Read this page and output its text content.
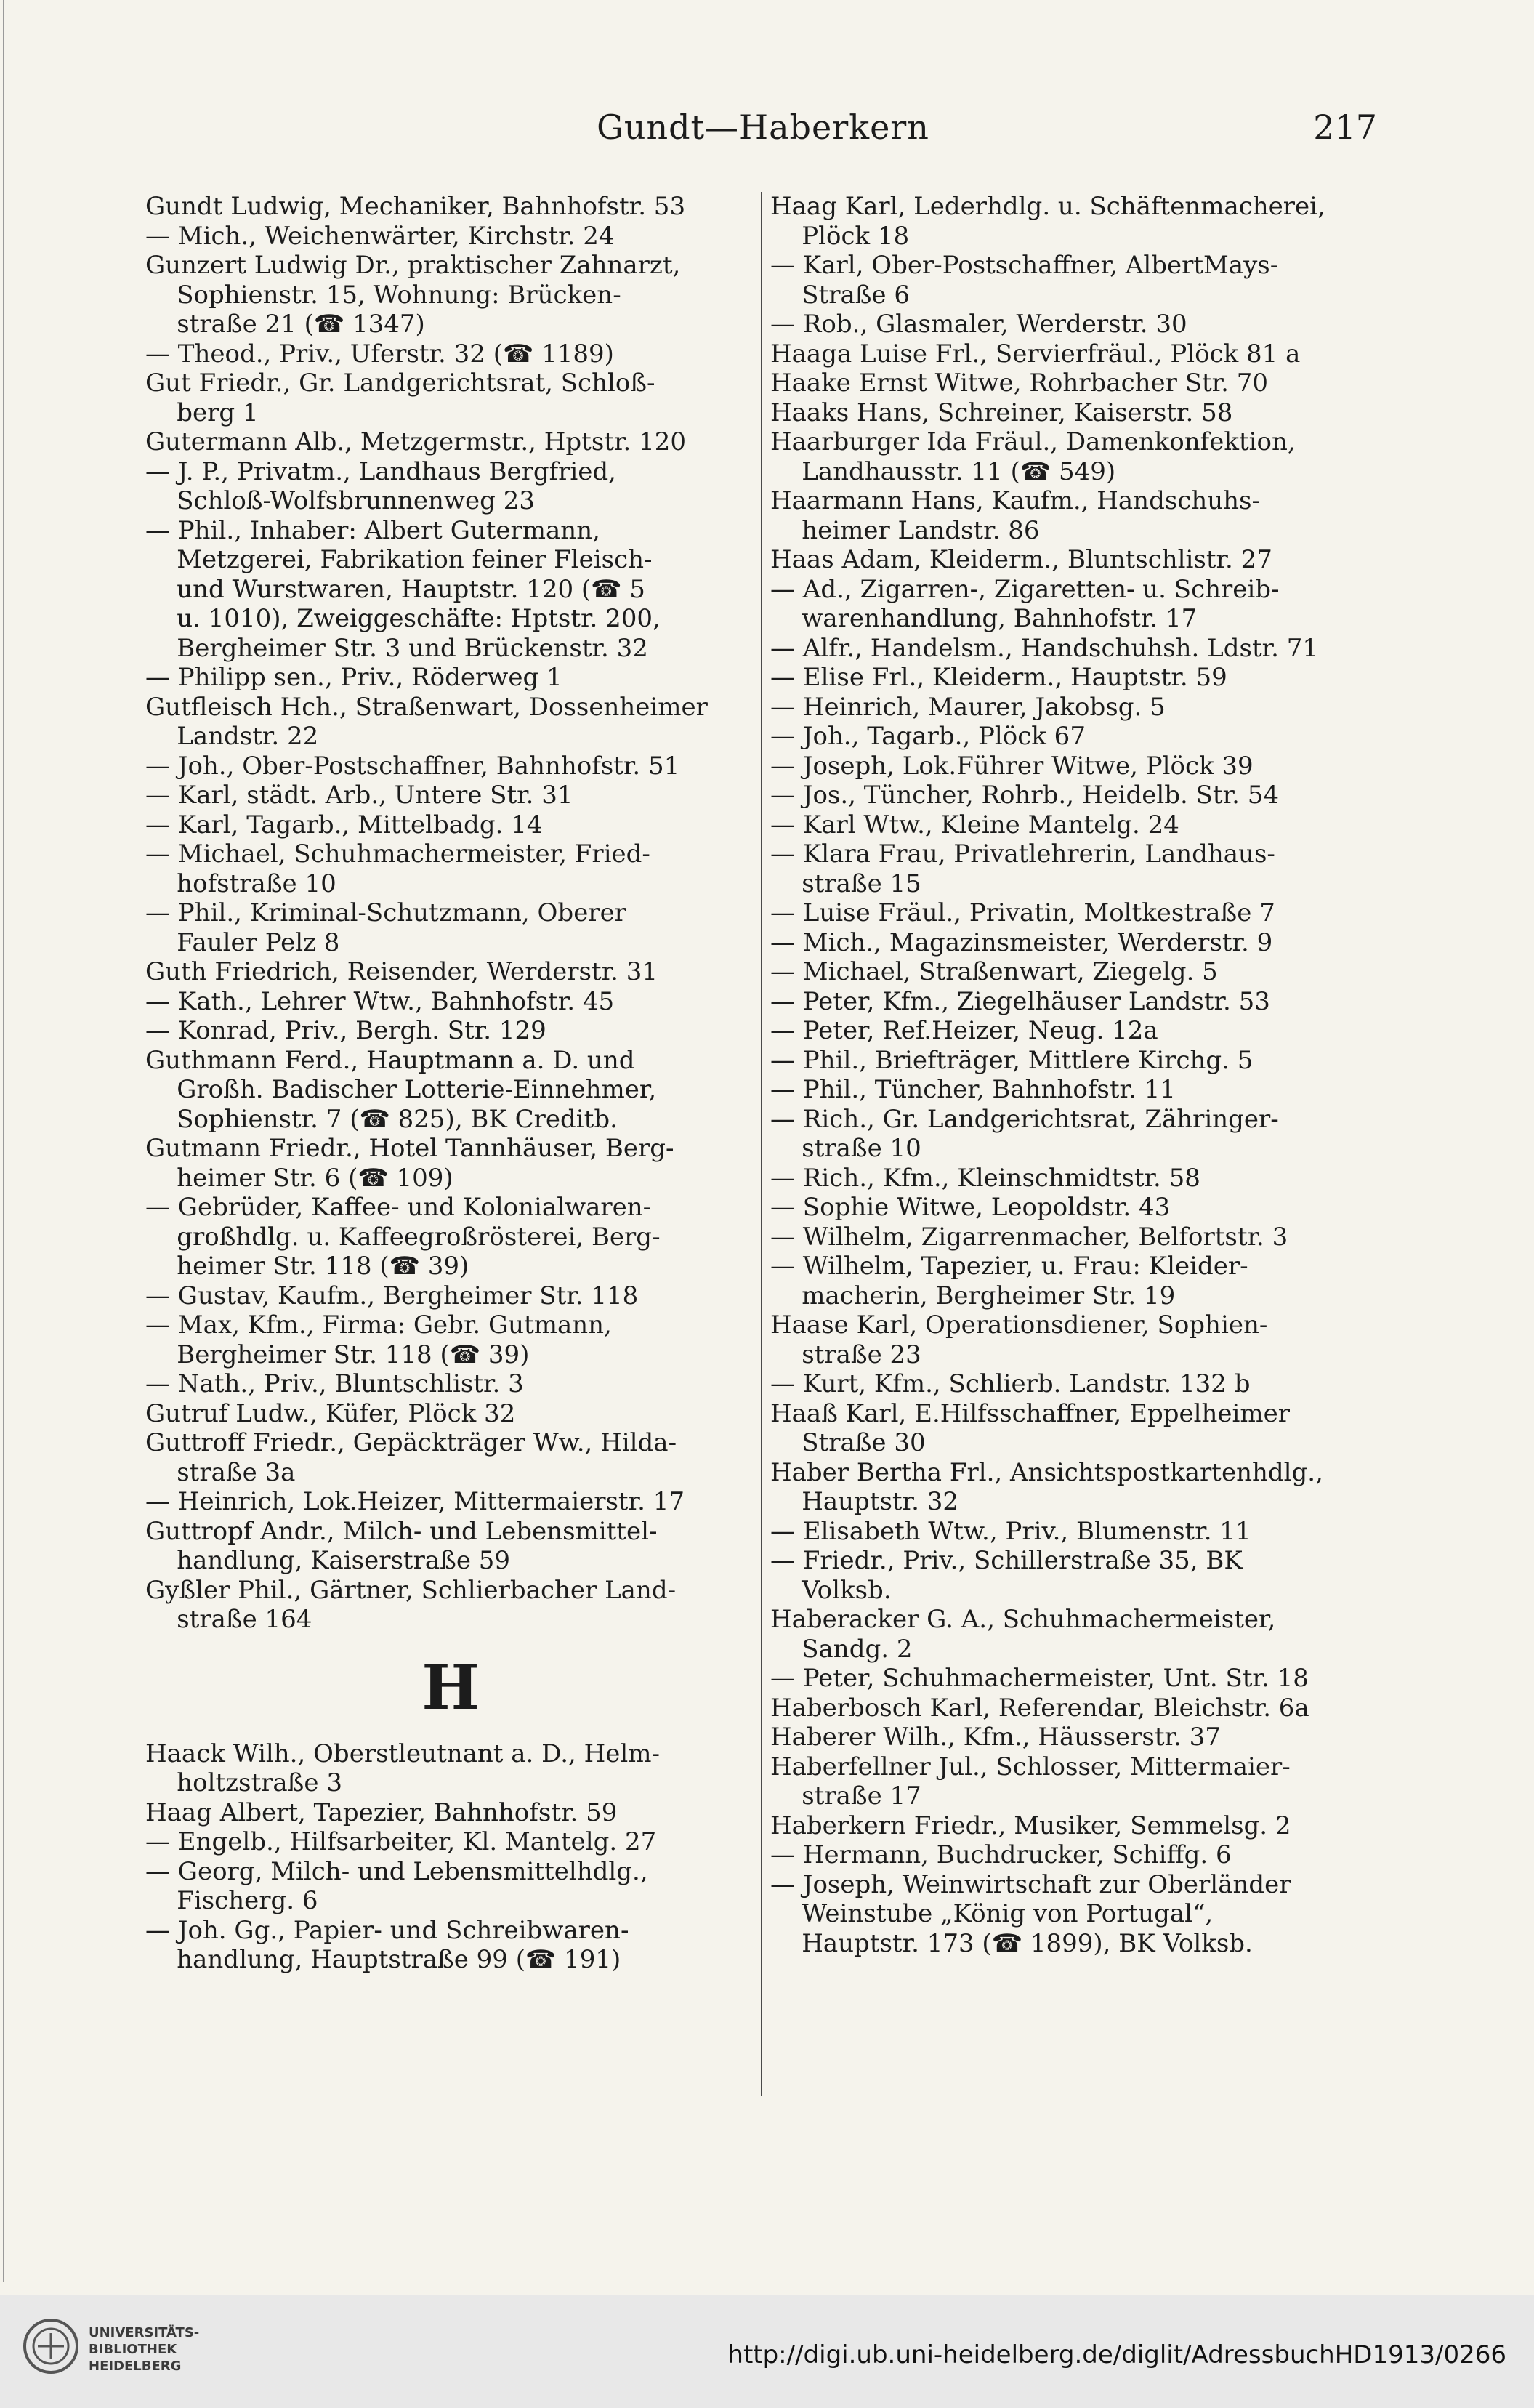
Gundt—Haberkern	217

Gundt Ludwig, Mechaniker, Bahnhofstr. 53

— Mich., Weichenwärter, Kirchstr. 24

Gunzert Ludwig Dr., praktischer Zahnarzt,
Sophienstr. 15, Wohnung: Brücken-
straße 21 (☎ 1347)

— Theod., Priv., Uferstr. 32 (☎ 1189)

Gut Friedr., Gr. Landgerichtsrat, Schloß-
berg 1

Gutermann Alb., Metzgermstr., Hptstr. 120

— J. P., Privatm., Landhaus Bergfried,
Schloß-Wolfsbrunnenweg 23

— Phil., Inhaber: Albert Gutermann,
Metzgerei, Fabrikation feiner Fleisch-
und Wurstwaren, Hauptstr. 120 (☎ 5
u. 1010), Zweiggeschäfte: Hptstr. 200,
Bergheimer Str. 3 und Brückenstr. 32

— Philipp sen., Priv., Röderweg 1

Gutfleisch Hch., Straßenwart, Dossenheimer
Landstr. 22

— Joh., Ober-Postschaffner, Bahnhofstr. 51

— Karl, städt. Arb., Untere Str. 31

— Karl, Tagarb., Mittelbadg. 14

— Michael, Schuhmachermeister, Fried-
hofstraße 10

— Phil., Kriminal-Schutzmann, Oberer
Fauler Pelz 8

Guth Friedrich, Reisender, Werderstr. 31

— Kath., Lehrer Wtw., Bahnhofstr. 45

— Konrad, Priv., Bergh. Str. 129

Guthmann Ferd., Hauptmann a. D. und
Großh. Badischer Lotterie-Einnehmer,
Sophienstr. 7 (☎ 825), BK Creditb.

Gutmann Friedr., Hotel Tannhäuser, Berg-
heimer Str. 6 (☎ 109)

— Gebrüder, Kaffee- und Kolonialwaren-
großhdlg. u. Kaffeegroßrösterei, Berg-
heimer Str. 118 (☎ 39)

— Gustav, Kaufm., Bergheimer Str. 118

— Max, Kfm., Firma: Gebr. Gutmann,
Bergheimer Str. 118 (☎ 39)

— Nath., Priv., Bluntschlistr. 3

Gutruf Ludw., Küfer, Plöck 32

Guttroff Friedr., Gepäckträger Ww., Hilda-
straße 3a

— Heinrich, Lok.Heizer, Mittermaierstr. 17

Guttropf Andr., Milch- und Lebensmittel-
handlung, Kaiserstraße 59

Gyßler Phil., Gärtner, Schlierbacher Land-
straße 164

H

Haack Wilh., Oberstleutnant a. D., Helm-
holtzstraße 3

Haag Albert, Tapezier, Bahnhofstr. 59

— Engelb., Hilfsarbeiter, Kl. Mantelg. 27

— Georg, Milch- und Lebensmittelhdlg.,
Fischerg. 6

— Joh. Gg., Papier- und Schreibwaren-
handlung, Hauptstraße 99 (☎ 191)

Haag Karl, Lederhdlg. u. Schäftenmacherei,
Plöck 18

— Karl, Ober-Postschaffner, AlbertMays-
Straße 6

— Rob., Glasmaler, Werderstr. 30

Haaga Luise Frl., Servierfräul., Plöck 81 a

Haake Ernst Witwe, Rohrbacher Str. 70

Haaks Hans, Schreiner, Kaiserstr. 58

Haarburger Ida Fräul., Damenkonfektion,
Landhausstr. 11 (☎ 549)

Haarmann Hans, Kaufm., Handschuhs-
heimer Landstr. 86

Haas Adam, Kleiderm., Bluntschlistr. 27

— Ad., Zigarren-, Zigaretten- u. Schreib-
warenhandlung, Bahnhofstr. 17

— Alfr., Handelsm., Handschuhsh. Ldstr. 71

— Elise Frl., Kleiderm., Hauptstr. 59

— Heinrich, Maurer, Jakobsg. 5

— Joh., Tagarb., Plöck 67

— Joseph, Lok.Führer Witwe, Plöck 39

— Jos., Tüncher, Rohrb., Heidelb. Str. 54

— Karl Wtw., Kleine Mantelg. 24

— Klara Frau, Privatlehrerin, Landhaus-
straße 15

— Luise Fräul., Privatin, Moltkestraße 7

— Mich., Magazinsmeister, Werderstr. 9

— Michael, Straßenwart, Ziegelg. 5

— Peter, Kfm., Ziegelhäuser Landstr. 53

— Peter, Ref.Heizer, Neug. 12a

— Phil., Briefträger, Mittlere Kirchg. 5

— Phil., Tüncher, Bahnhofstr. 11

— Rich., Gr. Landgerichtsrat, Zähringer-
straße 10

— Rich., Kfm., Kleinschmidtstr. 58

— Sophie Witwe, Leopoldstr. 43

— Wilhelm, Zigarrenmacher, Belfortstr. 3

— Wilhelm, Tapezier, u. Frau: Kleider-
macherin, Bergheimer Str. 19

Haase Karl, Operationsdiener, Sophien-
straße 23

— Kurt, Kfm., Schlierb. Landstr. 132 b

Haaß Karl, E.Hilfsschaffner, Eppelheimer
Straße 30

Haber Bertha Frl., Ansichtspostkartenhdlg.,
Hauptstr. 32

— Elisabeth Wtw., Priv., Blumenstr. 11

— Friedr., Priv., Schillerstraße 35, BK
Volksb.

Haberacker G. A., Schuhmachermeister,
Sandg. 2

— Peter, Schuhmachermeister, Unt. Str. 18

Haberbosch Karl, Referendar, Bleichstr. 6a

Haberer Wilh., Kfm., Häusserstr. 37

Haberfellner Jul., Schlosser, Mittermaier-
straße 17

Haberkern Friedr., Musiker, Semmelsg. 2

— Hermann, Buchdrucker, Schiffg. 6

— Joseph, Weinwirtschaft zur Oberländer
Weinstube „König von Portugal“,
Hauptstr. 173 (☎ 1899), BK Volksb.

UNIVERSITÄTS-
BIBLIOTHEK
HEIDELBERG	http://digi.ub.uni-heidelberg.de/diglit/AdressbuchHD1913/0266
